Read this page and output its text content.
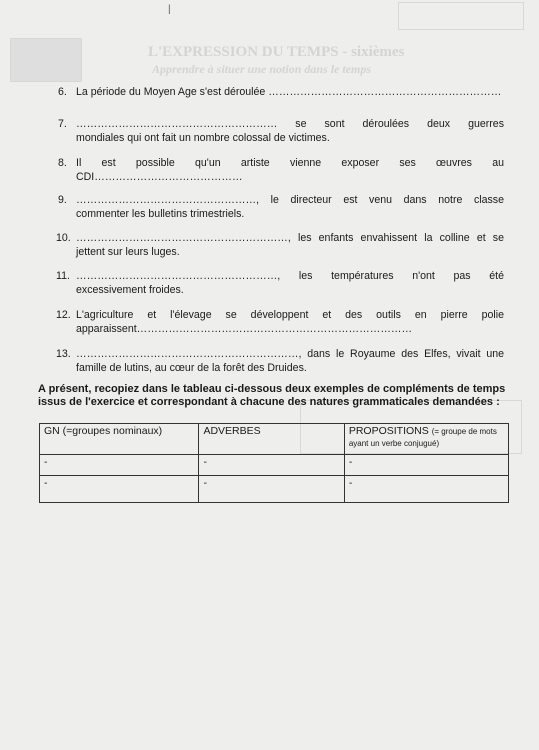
L'EXPRESSION DU TEMPS - sixièmes
Apprendre à situer une notion dans le temps
|
6. La période du Moyen Age s'est déroulée …………………………………………………………
7. ………………………………………………… se sont déroulées deux guerres
mondiales qui ont fait un nombre colossal de victimes.
8. Il est possible qu'un artiste vienne exposer ses œuvres au
CDI……………………………………
9. ……………………………………………, le directeur est venu dans notre classe
commenter les bulletins trimestriels.
10. ……………………………………………………, les enfants envahissent la colline et se
jettent sur leurs luges.
11. …………………………………………………, les températures n'ont pas été
excessivement froides.
12. L'agriculture et l'élevage se développent et des outils en pierre polie
apparaissent……………………………………………………………………
13. ………………………………………………………, dans le Royaume des Elfes, vivait une
famille de lutins, au cœur de la forêt des Druides.
A présent, recopiez dans le tableau ci-dessous deux exemples de compléments de temps issus de l'exercice et correspondant à chacune des natures grammaticales demandées :
GN (=groupes nominaux)	ADVERBES	PROPOSITIONS (= groupe de mots ayant un verbe conjugué)
-	-	-
-	-	-
